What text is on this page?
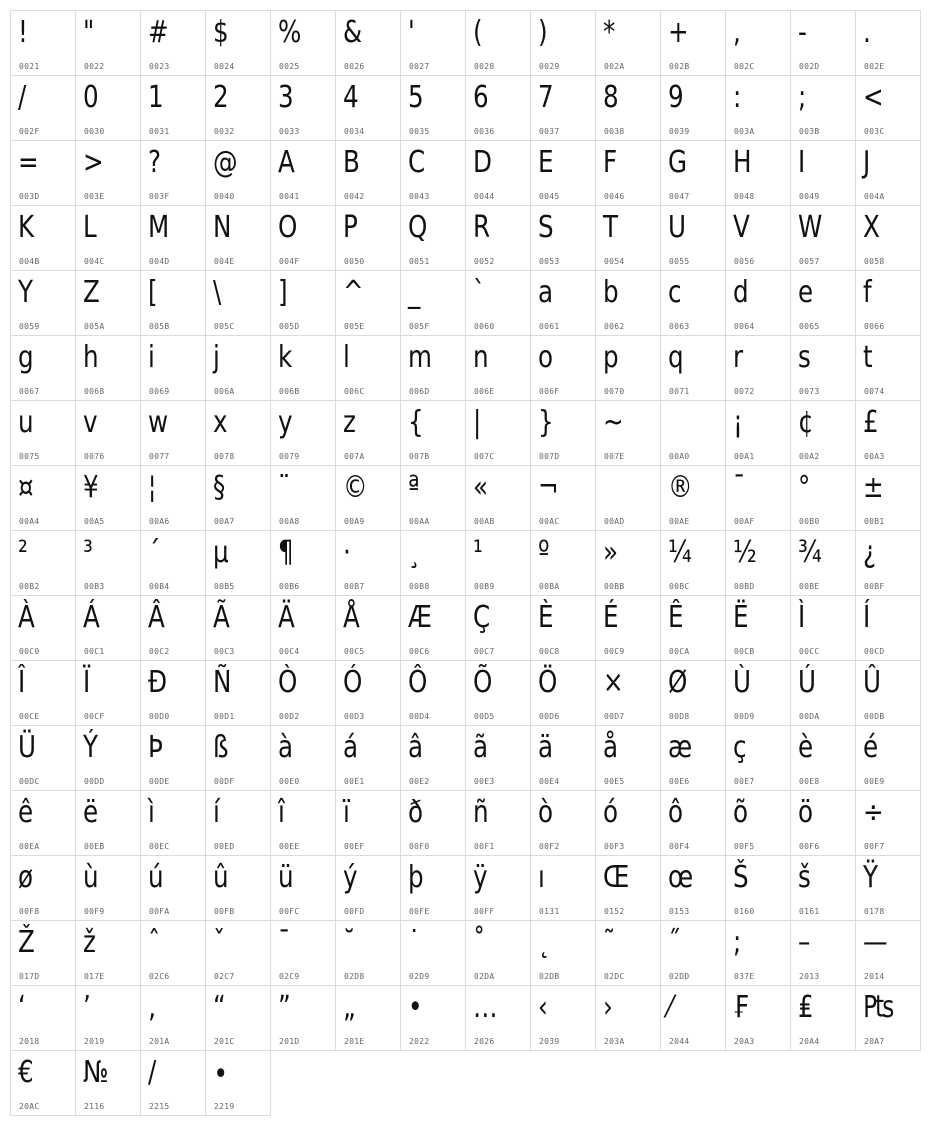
!
0021
"
0022
#
0023
$
0024
%
0025
&
0026
'
0027
(
0028
)
0029
*
002A
+
002B
,
002C
-
002D
.
002E
/
002F
0
0030
1
0031
2
0032
3
0033
4
0034
5
0035
6
0036
7
0037
8
0038
9
0039
:
003A
;
003B
<
003C
=
003D
>
003E
?
003F
@
0040
A
0041
B
0042
C
0043
D
0044
E
0045
F
0046
G
0047
H
0048
I
0049
J
004A
K
004B
L
004C
M
004D
N
004E
O
004F
P
0050
Q
0051
R
0052
S
0053
T
0054
U
0055
V
0056
W
0057
X
0058
Y
0059
Z
005A
[
005B
\
005C
]
005D
^
005E
_
005F
`
0060
a
0061
b
0062
c
0063
d
0064
e
0065
f
0066
g
0067
h
0068
i
0069
j
006A
k
006B
l
006C
m
006D
n
006E
o
006F
p
0070
q
0071
r
0072
s
0073
t
0074
u
0075
v
0076
w
0077
x
0078
y
0079
z
007A
{
007B
|
007C
}
007D
~
007E
	00A0
¡
00A1
¢
00A2
£
00A3
¤
00A4
¥
00A5
¦
00A6
§
00A7
¨
00A8
©
00A9
ª
00AA
«
00AB
¬
00AC	00AD
®
00AE
¯
00AF
°
00B0
±
00B1
²
00B2
³
00B3
´
00B4
µ
00B5
¶
00B6
·
00B7
¸
00B8
¹
00B9
º
00BA
»
00BB
¼
00BC
½
00BD
¾
00BE
¿
00BF
À
00C0
Á
00C1
Â
00C2
Ã
00C3
Ä
00C4
Å
00C5
Æ
00C6
Ç
00C7
È
00C8
É
00C9
Ê
00CA
Ë
00CB
Ì
00CC
Í
00CD
Î
00CE
Ï
00CF
Ð
00D0
Ñ
00D1
Ò
00D2
Ó
00D3
Ô
00D4
Õ
00D5
Ö
00D6
×
00D7
Ø
00D8
Ù
00D9
Ú
00DA
Û
00DB
Ü
00DC
Ý
00DD
Þ
00DE
ß
00DF
à
00E0
á
00E1
â
00E2
ã
00E3
ä
00E4
å
00E5
æ
00E6
ç
00E7
è
00E8
é
00E9
ê
00EA
ë
00EB
ì
00EC
í
00ED
î
00EE
ï
00EF
ð
00F0
ñ
00F1
ò
00F2
ó
00F3
ô
00F4
õ
00F5
ö
00F6
÷
00F7
ø
00F8
ù
00F9
ú
00FA
û
00FB
ü
00FC
ý
00FD
þ
00FE
ÿ
00FF
ı
0131
Œ
0152
œ
0153
Š
0160
š
0161
Ÿ
0178
Ž
017D
ž
017E
ˆ
02C6
ˇ
02C7
ˉ
02C9
˘
02D8
˙
02D9
˚
02DA
˛
02DB
˜
02DC
˝
02DD
;
037E
–
2013
—
2014
‘
2018
’
2019
‚
201A
“
201C
”
201D
„
201E
•
2022
…
2026
‹
2039
›
203A
⁄
2044
₣
20A3
₤
20A4
₧
20A7
€
20AC
№
2116
∕
2215
∙
2219
